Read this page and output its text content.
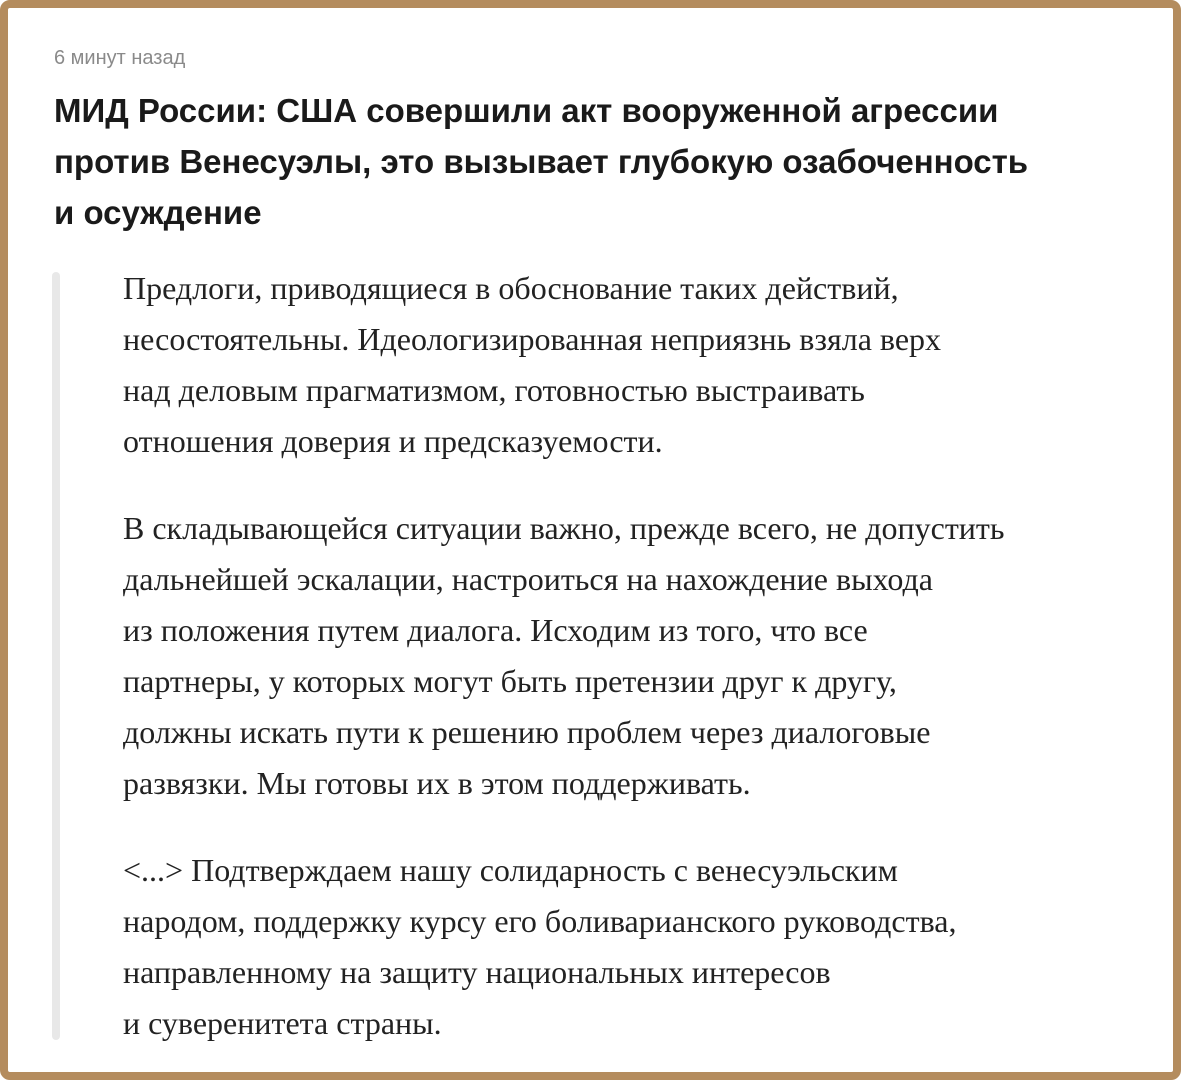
6 минут назад
МИД России: США совершили акт вооруженной агрессии
против Венесуэлы, это вызывает глубокую озабоченность
и осуждение
Предлоги, приводящиеся в обоснование таких действий,
несостоятельны. Идеологизированная неприязнь взяла верх
над деловым прагматизмом, готовностью выстраивать
отношения доверия и предсказуемости.
В складывающейся ситуации важно, прежде всего, не допустить
дальнейшей эскалации, настроиться на нахождение выхода
из положения путем диалога. Исходим из того, что все
партнеры, у которых могут быть претензии друг к другу,
должны искать пути к решению проблем через диалоговые
развязки. Мы готовы их в этом поддерживать.
<...> Подтверждаем нашу солидарность с венесуэльским
народом, поддержку курсу его боливарианского руководства,
направленному на защиту национальных интересов
и суверенитета страны.
